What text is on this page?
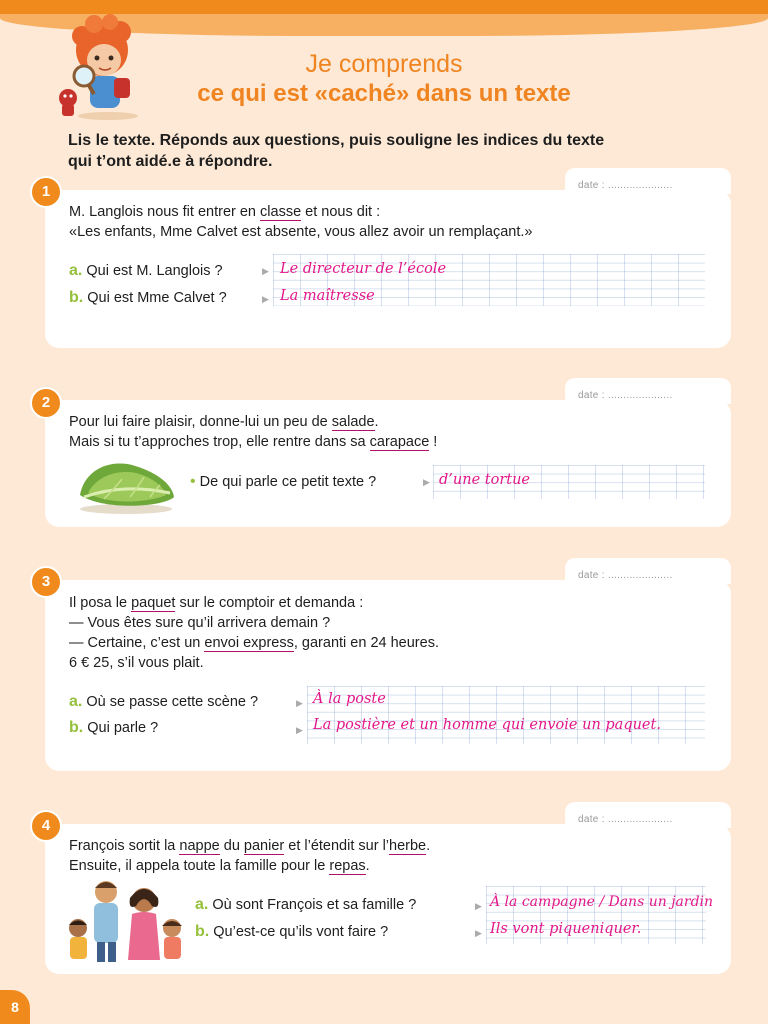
Je comprends
ce qui est «caché» dans un texte
Lis le texte. Réponds aux questions, puis souligne les indices du texte
qui t’ont aidé.e à répondre.
date : .....................
1
M. Langlois nous fit entrer en classe et nous dit :
«Les enfants, Mme Calvet est absente, vous allez avoir un remplaçant.»
a. Qui est M. Langlois ?	▶ Le directeur de l’école
b. Qui est Mme Calvet ?	▶ La maîtresse
date : .....................
2
Pour lui faire plaisir, donne-lui un peu de salade.
Mais si tu t’approches trop, elle rentre dans sa carapace !
• De qui parle ce petit texte ?	▶ d’une tortue
date : .....................
3
Il posa le paquet sur le comptoir et demanda :
— Vous êtes sure qu’il arrivera demain ?
— Certaine, c’est un envoi express, garanti en 24 heures.
6 € 25, s’il vous plait.
a. Où se passe cette scène ?	▶ À la poste
b. Qui parle ?	▶ La postière et un homme qui envoie un paquet.
date : .....................
4
François sortit la nappe du panier et l’étendit sur l’herbe.
Ensuite, il appela toute la famille pour le repas.
a. Où sont François et sa famille ?	▶ À la campagne / Dans un jardin
b. Qu’est-ce qu’ils vont faire ?	▶ Ils vont piqueniquer.
8
